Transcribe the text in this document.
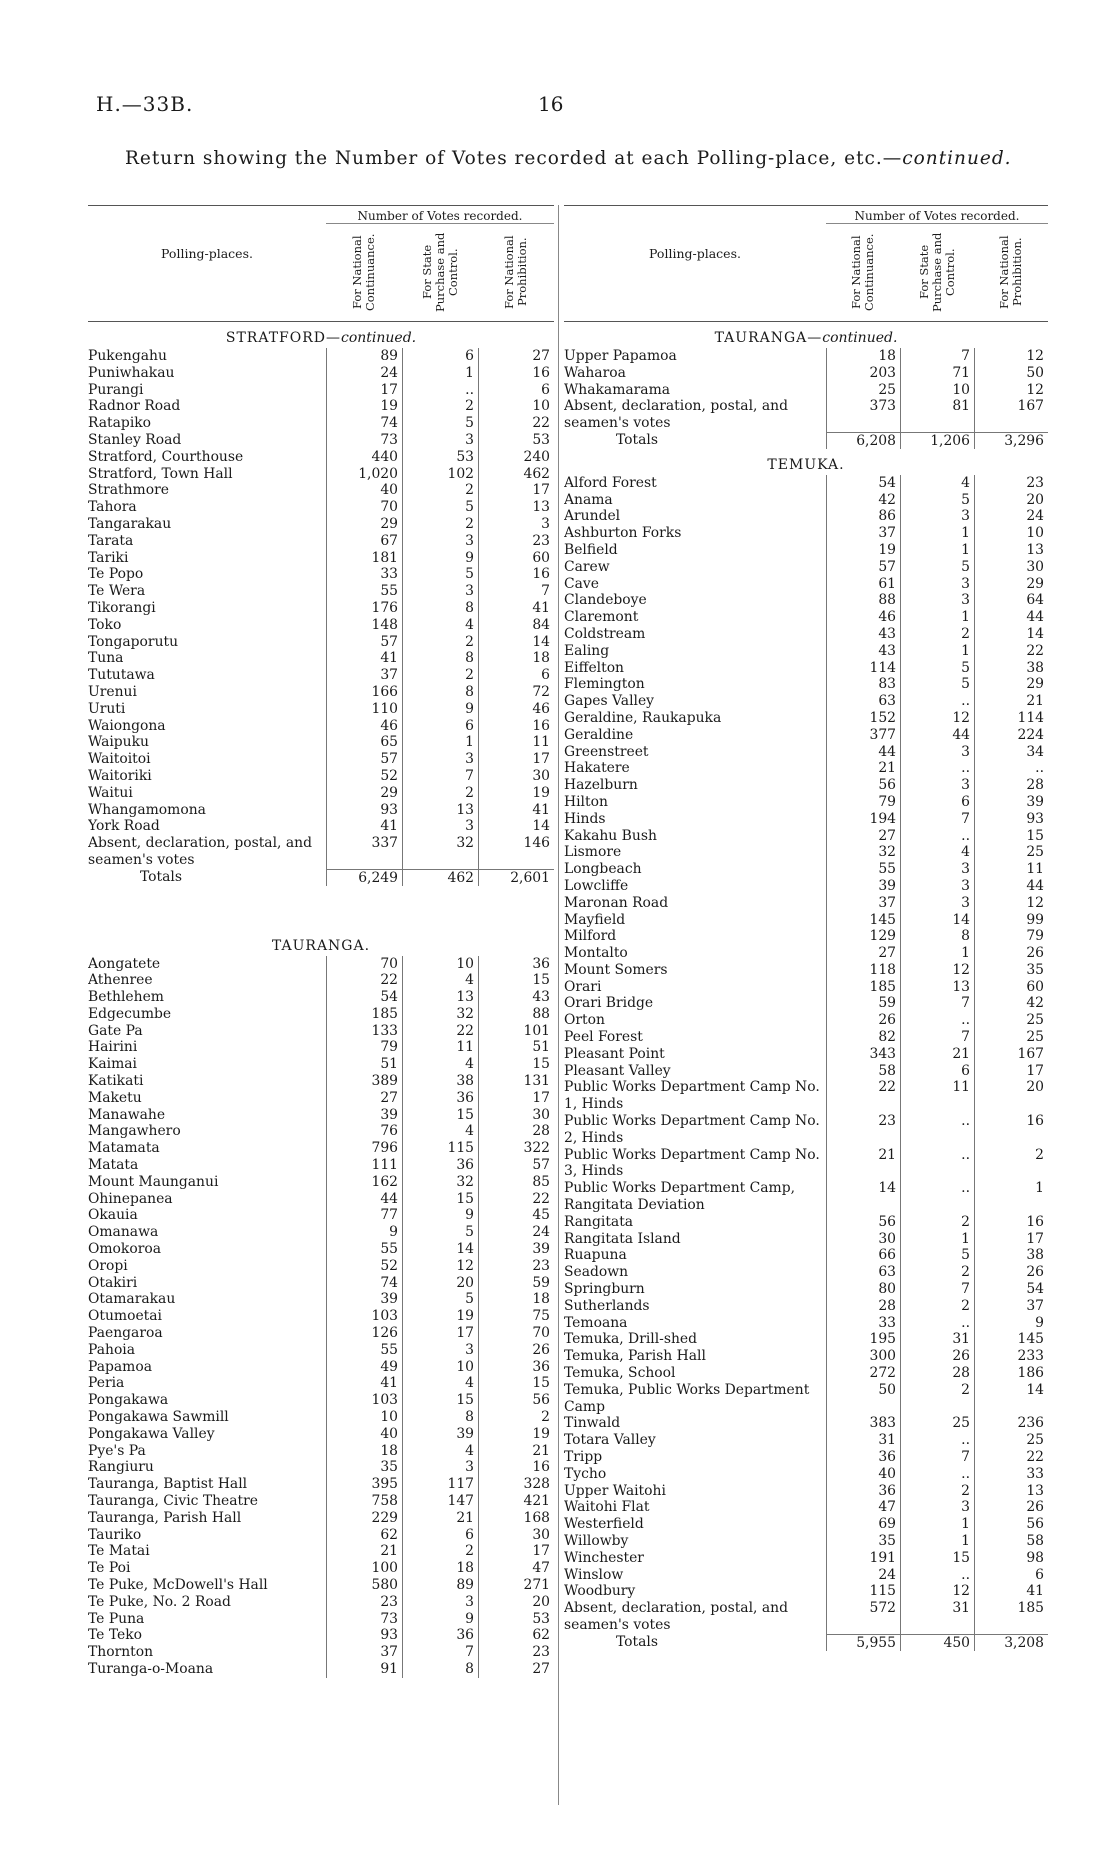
H.—33B.	16
Return showing the Number of Votes recorded at each Polling-place, etc.—continued.
Polling-places.
Number of Votes recorded.
For National Continuance.	For State Purchase and Control.	For National Prohibition.
STRATFORD—continued.
Pukengahu	89	6	27
Puniwhakau	24	1	16
Purangi	17	..	6
Radnor Road	19	2	10
Ratapiko	74	5	22
Stanley Road	73	3	53
Stratford, Courthouse	440	53	240
Stratford, Town Hall	1,020	102	462
Strathmore	40	2	17
Tahora	70	5	13
Tangarakau	29	2	3
Tarata	67	3	23
Tariki	181	9	60
Te Popo	33	5	16
Te Wera	55	3	7
Tikorangi	176	8	41
Toko	148	4	84
Tongaporutu	57	2	14
Tuna	41	8	18
Tututawa	37	2	6
Urenui	166	8	72
Uruti	110	9	46
Waiongona	46	6	16
Waipuku	65	1	11
Waitoitoi	57	3	17
Waitoriki	52	7	30
Waitui	29	2	19
Whangamomona	93	13	41
York Road	41	3	14
Absent, declaration, postal, and seamen's votes
337	32	146
Totals	6,249	462	2,601
TAURANGA.
Aongatete	70	10	36
Athenree	22	4	15
Bethlehem	54	13	43
Edgecumbe	185	32	88
Gate Pa	133	22	101
Hairini	79	11	51
Kaimai	51	4	15
Katikati	389	38	131
Maketu	27	36	17
Manawahe	39	15	30
Mangawhero	76	4	28
Matamata	796	115	322
Matata	111	36	57
Mount Maunganui	162	32	85
Ohinepanea	44	15	22
Okauia	77	9	45
Omanawa	9	5	24
Omokoroa	55	14	39
Oropi	52	12	23
Otakiri	74	20	59
Otamarakau	39	5	18
Otumoetai	103	19	75
Paengaroa	126	17	70
Pahoia	55	3	26
Papamoa	49	10	36
Peria	41	4	15
Pongakawa	103	15	56
Pongakawa Sawmill	10	8	2
Pongakawa Valley	40	39	19
Pye's Pa	18	4	21
Rangiuru	35	3	16
Tauranga, Baptist Hall	395	117	328
Tauranga, Civic Theatre	758	147	421
Tauranga, Parish Hall	229	21	168
Tauriko	62	6	30
Te Matai	21	2	17
Te Poi	100	18	47
Te Puke, McDowell's Hall	580	89	271
Te Puke, No. 2 Road	23	3	20
Te Puna	73	9	53
Te Teko	93	36	62
Thornton	37	7	23
Turanga-o-Moana	91	8	27
Polling-places.
Number of Votes recorded.
For National Continuance.	For State Purchase and Control.	For National Prohibition.
TAURANGA—continued.
Upper Papamoa	18	7	12
Waharoa	203	71	50
Whakamarama	25	10	12
Absent, declaration, postal, and seamen's votes
373	81	167
Totals	6,208	1,206	3,296
TEMUKA.
Alford Forest	54	4	23
Anama	42	5	20
Arundel	86	3	24
Ashburton Forks	37	1	10
Belfield	19	1	13
Carew	57	5	30
Cave	61	3	29
Clandeboye	88	3	64
Claremont	46	1	44
Coldstream	43	2	14
Ealing	43	1	22
Eiffelton	114	5	38
Flemington	83	5	29
Gapes Valley	63	..	21
Geraldine, Raukapuka	152	12	114
Geraldine	377	44	224
Greenstreet	44	3	34
Hakatere	21	..	..
Hazelburn	56	3	28
Hilton	79	6	39
Hinds	194	7	93
Kakahu Bush	27	..	15
Lismore	32	4	25
Longbeach	55	3	11
Lowcliffe	39	3	44
Maronan Road	37	3	12
Mayfield	145	14	99
Milford	129	8	79
Montalto	27	1	26
Mount Somers	118	12	35
Orari	185	13	60
Orari Bridge	59	7	42
Orton	26	..	25
Peel Forest	82	7	25
Pleasant Point	343	21	167
Pleasant Valley	58	6	17
Public Works Department Camp No. 1, Hinds
22	11	20
Public Works Department Camp No. 2, Hinds
23	..	16
Public Works Department Camp No. 3, Hinds
21	..	2
Public Works Department Camp, Rangitata Deviation
14	..	1
Rangitata	56	2	16
Rangitata Island	30	1	17
Ruapuna	66	5	38
Seadown	63	2	26
Springburn	80	7	54
Sutherlands	28	2	37
Temoana	33	..	9
Temuka, Drill-shed	195	31	145
Temuka, Parish Hall	300	26	233
Temuka, School	272	28	186
Temuka, Public Works Department Camp
50	2	14
Tinwald	383	25	236
Totara Valley	31	..	25
Tripp	36	7	22
Tycho	40	..	33
Upper Waitohi	36	2	13
Waitohi Flat	47	3	26
Westerfield	69	1	56
Willowby	35	1	58
Winchester	191	15	98
Winslow	24	..	6
Woodbury	115	12	41
Absent, declaration, postal, and seamen's votes
572	31	185
Totals	5,955	450	3,208
